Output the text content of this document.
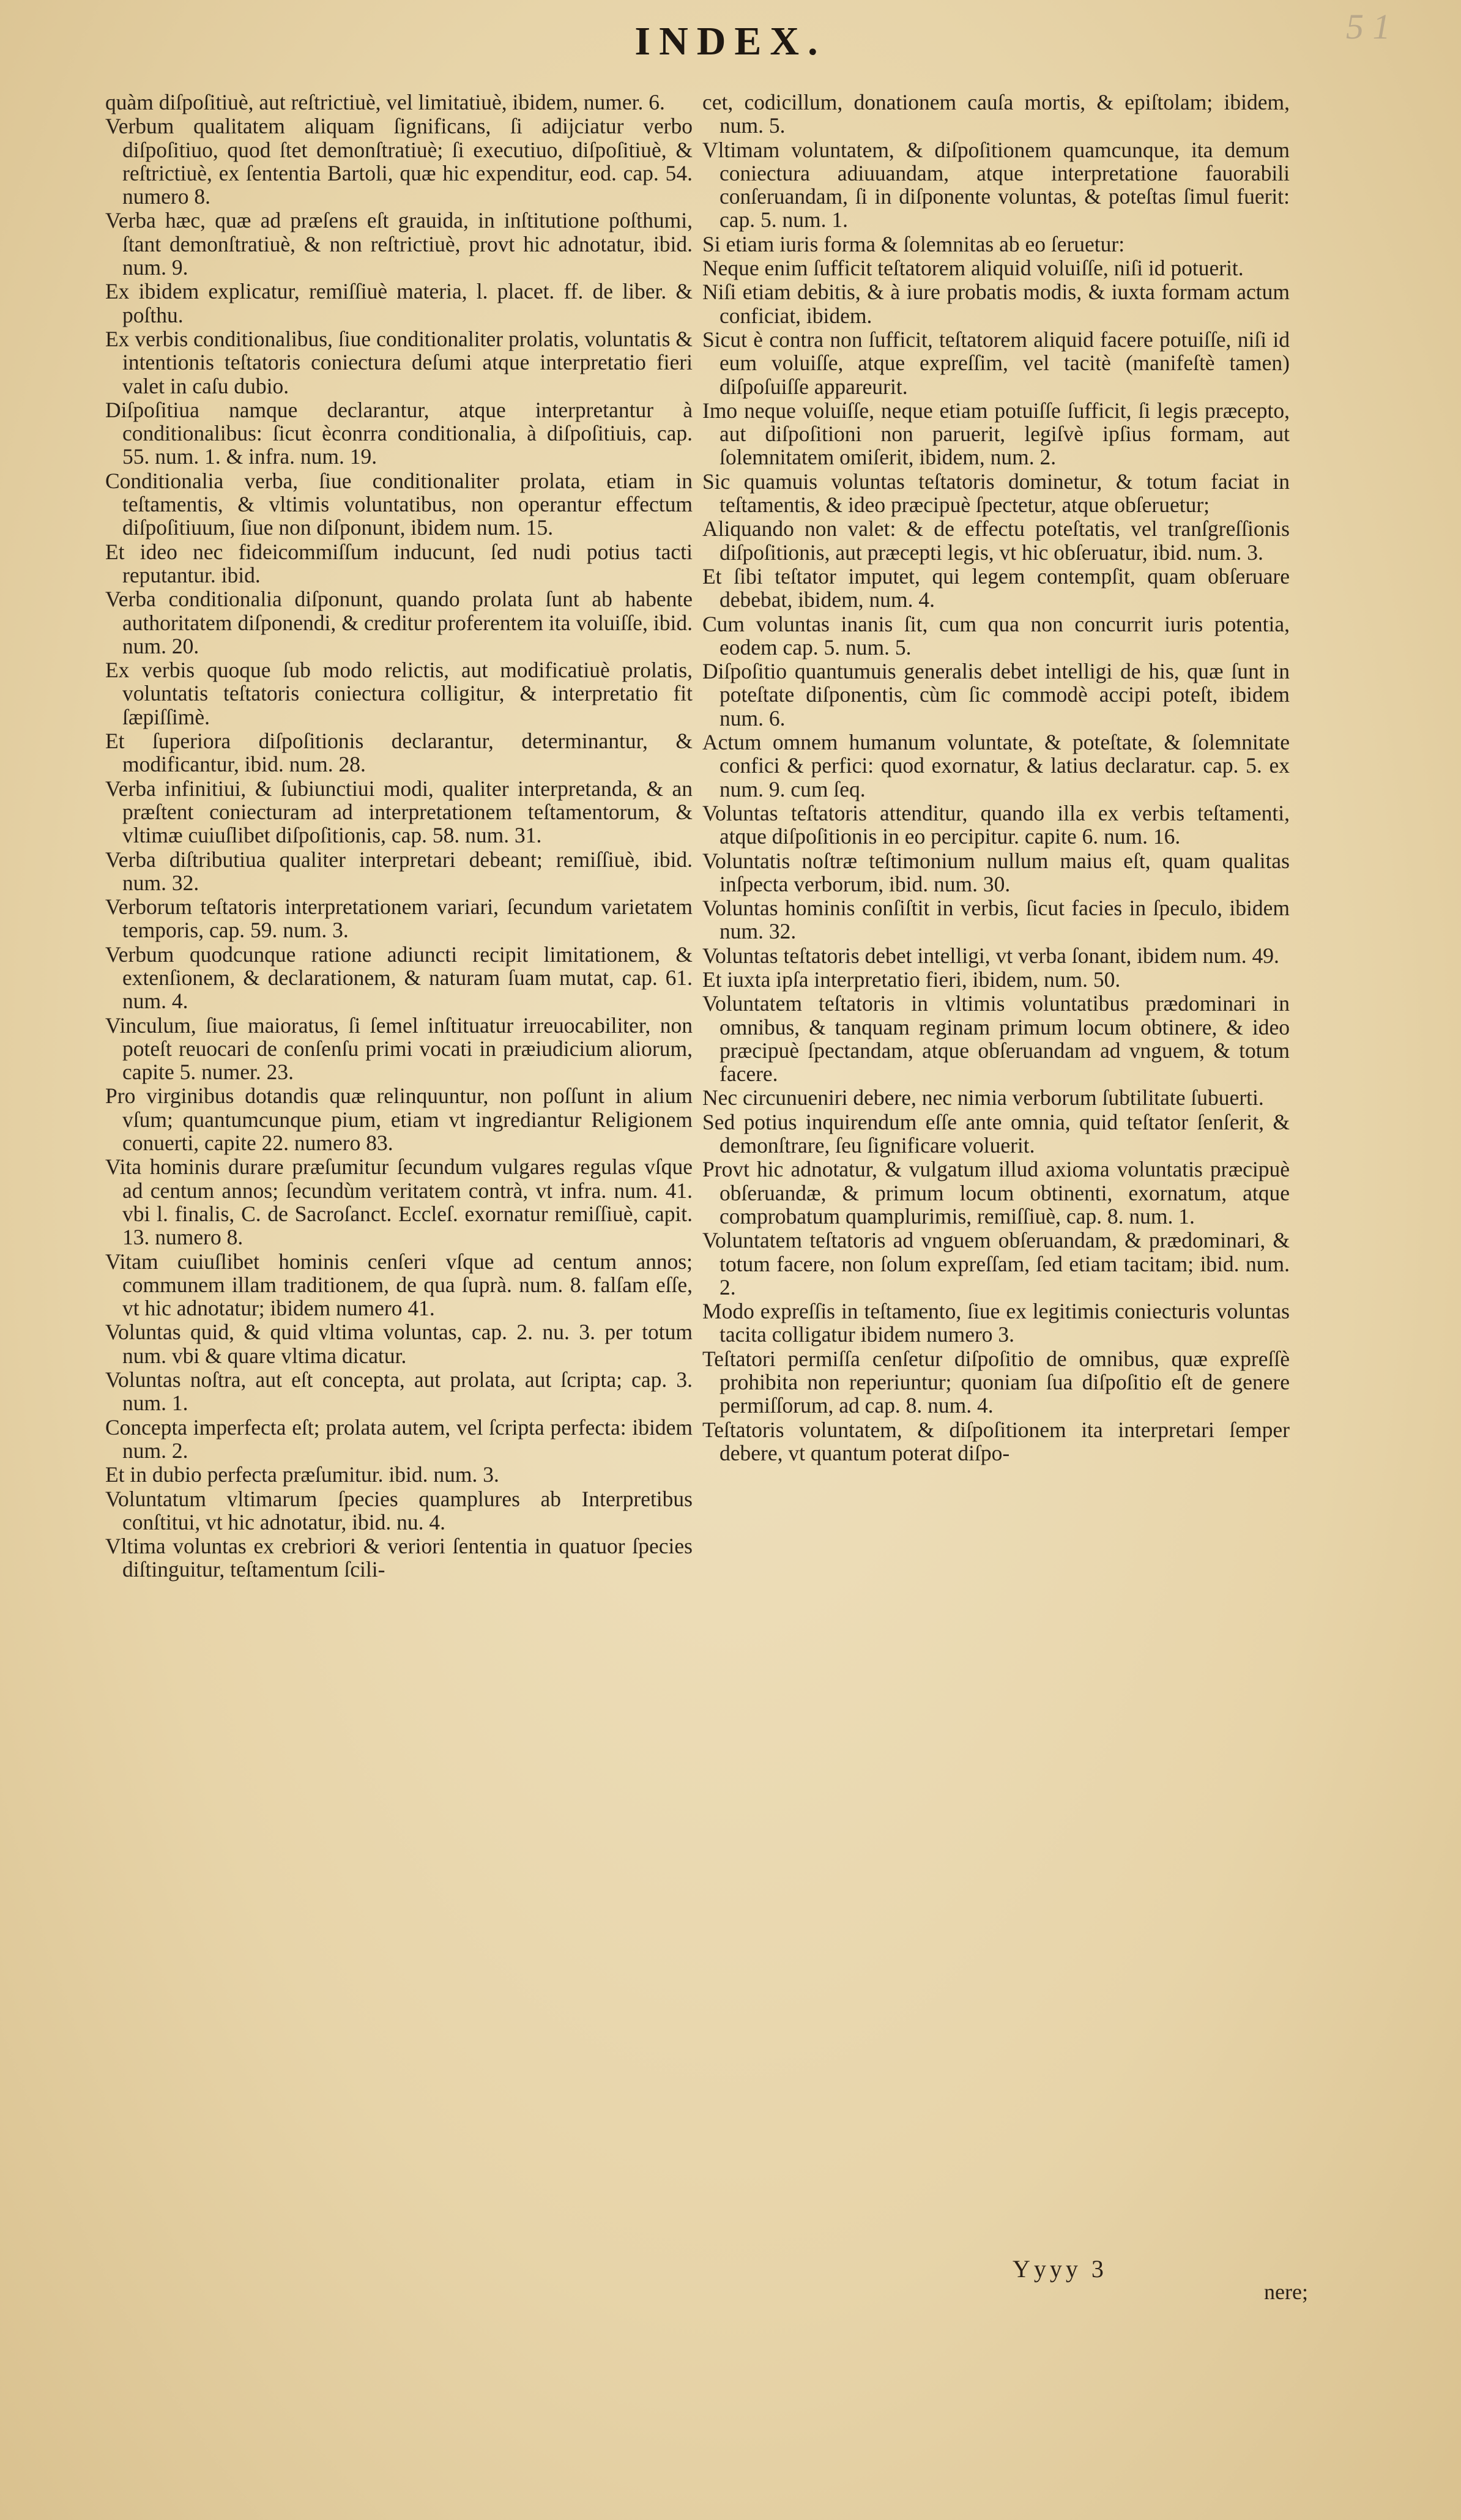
INDEX.	5 1

quàm diſpoſitiuè, aut reſtrictiuè, vel limitatiuè, ibidem, numer. 6.

Verbum qualitatem aliquam ſignificans, ſi adijciatur verbo diſpoſitiuo, quod ſtet demonſtratiuè; ſi executiuo, diſpoſitiuè, & reſtrictiuè, ex ſententia Bartoli, quæ hic expenditur, eod. cap. 54. numero 8.

Verba hæc, quæ ad præſens eſt grauida, in inſtitutione poſthumi, ſtant demonſtratiuè, & non reſtrictiuè, provt hic adnotatur, ibid. num. 9.

Ex ibidem explicatur, remiſſiuè materia, l. placet. ff. de liber. & poſthu.

Ex verbis conditionalibus, ſiue conditionaliter prolatis, voluntatis & intentionis teſtatoris coniectura deſumi atque interpretatio fieri valet in caſu dubio.

Diſpoſitiua namque declarantur, atque interpretantur à conditionalibus: ſicut èconrra conditionalia, à diſpoſitiuis, cap. 55. num. 1. & infra. num. 19.

Conditionalia verba, ſiue conditionaliter prolata, etiam in teſtamentis, & vltimis voluntatibus, non operantur effectum diſpoſitiuum, ſiue non diſponunt, ibidem num. 15.

Et ideo nec fideicommiſſum inducunt, ſed nudi potius tacti reputantur. ibid.

Verba conditionalia diſponunt, quando prolata ſunt ab habente authoritatem diſponendi, & creditur proferentem ita voluiſſe, ibid. num. 20.

Ex verbis quoque ſub modo relictis, aut modificatiuè prolatis, voluntatis teſtatoris coniectura colligitur, & interpretatio fit ſæpiſſimè.

Et ſuperiora diſpoſitionis declarantur, determinantur, & modificantur, ibid. num. 28.

Verba infinitiui, & ſubiunctiui modi, qualiter interpretanda, & an præſtent coniecturam ad interpretationem teſtamentorum, & vltimæ cuiuſlibet diſpoſitionis, cap. 58. num. 31.

Verba diſtributiua qualiter interpretari debeant; remiſſiuè, ibid. num. 32.

Verborum teſtatoris interpretationem variari, ſecundum varietatem temporis, cap. 59. num. 3.

Verbum quodcunque ratione adiuncti recipit limitationem, & extenſionem, & declarationem, & naturam ſuam mutat, cap. 61. num. 4.

Vinculum, ſiue maioratus, ſi ſemel inſtituatur irreuocabiliter, non poteſt reuocari de conſenſu primi vocati in præiudicium aliorum, capite 5. numer. 23.

Pro virginibus dotandis quæ relinquuntur, non poſſunt in alium vſum; quantumcunque pium, etiam vt ingrediantur Religionem conuerti, capite 22. numero 83.

Vita hominis durare præſumitur ſecundum vulgares regulas vſque ad centum annos; ſecundùm veritatem contrà, vt infra. num. 41. vbi l. finalis, C. de Sacroſanct. Eccleſ. exornatur remiſſiuè, capit. 13. numero 8.

Vitam cuiuſlibet hominis cenſeri vſque ad centum annos; communem illam traditionem, de qua ſuprà. num. 8. falſam eſſe, vt hic adnotatur; ibidem numero 41.

Voluntas quid, & quid vltima voluntas, cap. 2. nu. 3. per totum num. vbi & quare vltima dicatur.

Voluntas noſtra, aut eſt concepta, aut prolata, aut ſcripta; cap. 3. num. 1.

Concepta imperfecta eſt; prolata autem, vel ſcripta perfecta: ibidem num. 2.

Et in dubio perfecta præſumitur. ibid. num. 3.

Voluntatum vltimarum ſpecies quamplures ab Interpretibus conſtitui, vt hic adnotatur, ibid. nu. 4.

Vltima voluntas ex crebriori & veriori ſententia in quatuor ſpecies diſtinguitur, teſtamentum ſcili-

cet, codicillum, donationem cauſa mortis, & epiſtolam; ibidem, num. 5.

Vltimam voluntatem, & diſpoſitionem quamcunque, ita demum coniectura adiuuandam, atque interpretatione fauorabili conſeruandam, ſi in diſponente voluntas, & poteſtas ſimul fuerit: cap. 5. num. 1.

Si etiam iuris forma & ſolemnitas ab eo ſeruetur:

Neque enim ſufficit teſtatorem aliquid voluiſſe, niſi id potuerit.

Niſi etiam debitis, & à iure probatis modis, & iuxta formam actum conficiat, ibidem.

Sicut è contra non ſufficit, teſtatorem aliquid facere potuiſſe, niſi id eum voluiſſe, atque expreſſim, vel tacitè (manifeſtè tamen) diſpoſuiſſe appareurit.

Imo neque voluiſſe, neque etiam potuiſſe ſufficit, ſi legis præcepto, aut diſpoſitioni non paruerit, legiſvè ipſius formam, aut ſolemnitatem omiſerit, ibidem, num. 2.

Sic quamuis voluntas teſtatoris dominetur, & totum faciat in teſtamentis, & ideo præcipuè ſpectetur, atque obſeruetur;

Aliquando non valet: & de effectu poteſtatis, vel tranſgreſſionis diſpoſitionis, aut præcepti legis, vt hic obſeruatur, ibid. num. 3.

Et ſibi teſtator imputet, qui legem contempſit, quam obſeruare debebat, ibidem, num. 4.

Cum voluntas inanis ſit, cum qua non concurrit iuris potentia, eodem cap. 5. num. 5.

Diſpoſitio quantumuis generalis debet intelligi de his, quæ ſunt in poteſtate diſponentis, cùm ſic commodè accipi poteſt, ibidem num. 6.

Actum omnem humanum voluntate, & poteſtate, & ſolemnitate confici & perfici: quod exornatur, & latius declaratur. cap. 5. ex num. 9. cum ſeq.

Voluntas teſtatoris attenditur, quando illa ex verbis teſtamenti, atque diſpoſitionis in eo percipitur. capite 6. num. 16.

Voluntatis noſtræ teſtimonium nullum maius eſt, quam qualitas inſpecta verborum, ibid. num. 30.

Voluntas hominis conſiſtit in verbis, ſicut facies in ſpeculo, ibidem num. 32.

Voluntas teſtatoris debet intelligi, vt verba ſonant, ibidem num. 49.

Et iuxta ipſa interpretatio fieri, ibidem, num. 50.

Voluntatem teſtatoris in vltimis voluntatibus prædominari in omnibus, & tanquam reginam primum locum obtinere, & ideo præcipuè ſpectandam, atque obſeruandam ad vnguem, & totum facere.

Nec circunueniri debere, nec nimia verborum ſubtilitate ſubuerti.

Sed potius inquirendum eſſe ante omnia, quid teſtator ſenſerit, & demonſtrare, ſeu ſignificare voluerit.

Provt hic adnotatur, & vulgatum illud axioma voluntatis præcipuè obſeruandæ, & primum locum obtinenti, exornatum, atque comprobatum quamplurimis, remiſſiuè, cap. 8. num. 1.

Voluntatem teſtatoris ad vnguem obſeruandam, & prædominari, & totum facere, non ſolum expreſſam, ſed etiam tacitam; ibid. num. 2.

Modo expreſſis in teſtamento, ſiue ex legitimis coniecturis voluntas tacita colligatur ibidem numero 3.

Teſtatori permiſſa cenſetur diſpoſitio de omnibus, quæ expreſſè prohibita non reperiuntur; quoniam ſua diſpoſitio eſt de genere permiſſorum, ad cap. 8. num. 4.

Teſtatoris voluntatem, & diſpoſitionem ita interpretari ſemper debere, vt quantum poterat diſpo-

Yyyy 3
nere;
